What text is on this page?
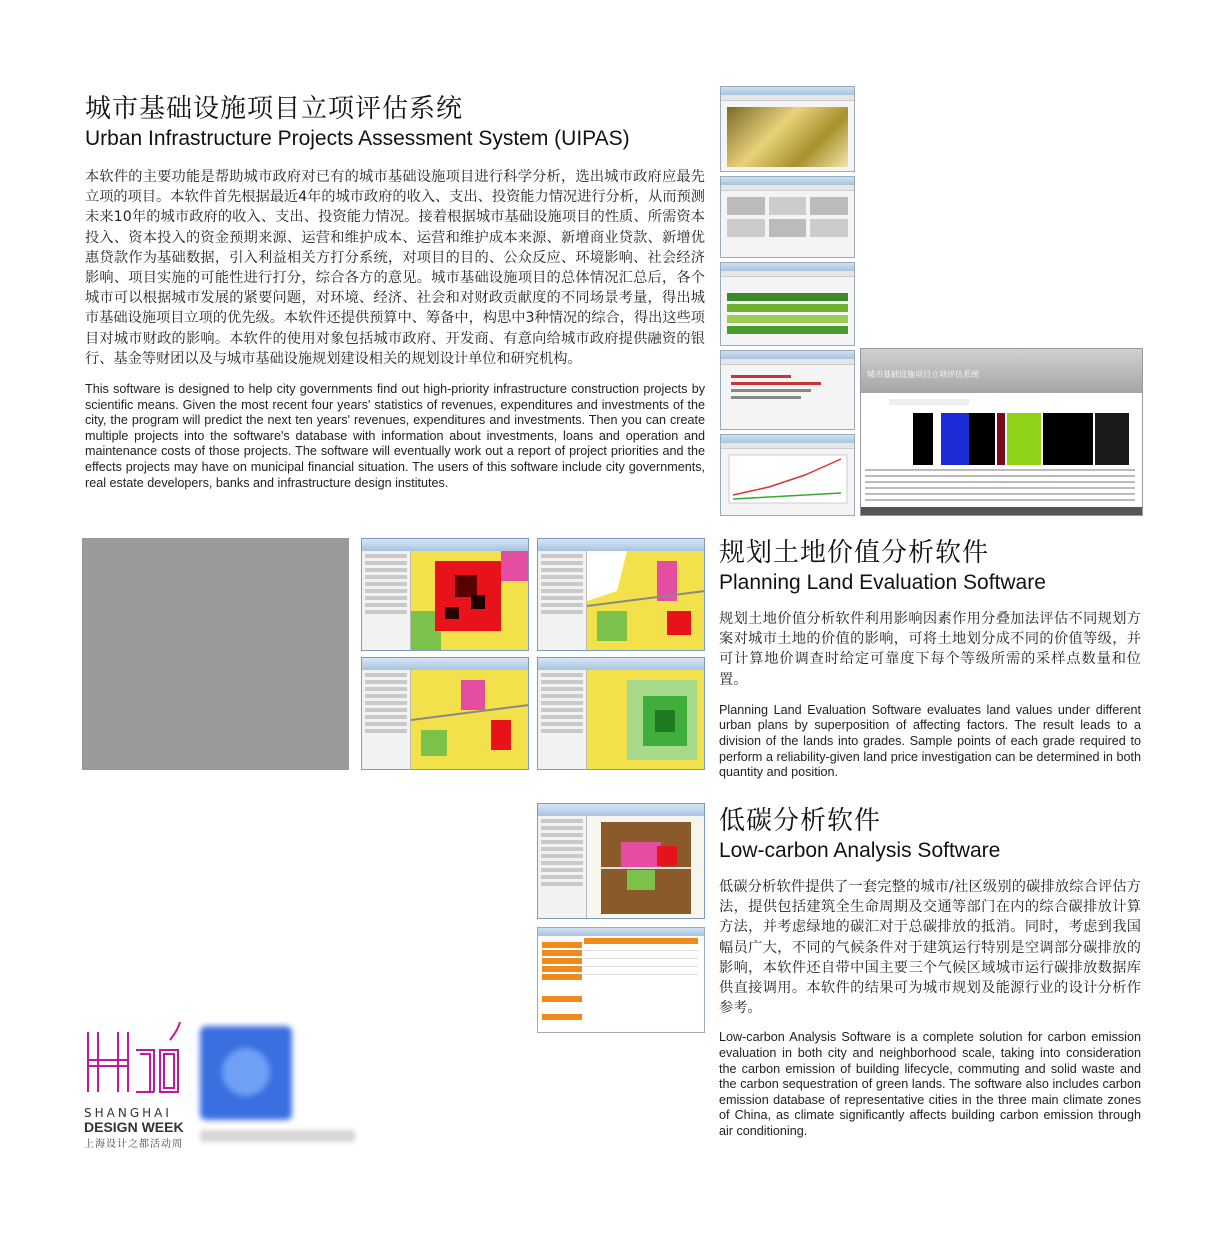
城市基础设施项目立项评估系统
Urban Infrastructure Projects Assessment System (UIPAS)

本软件的主要功能是帮助城市政府对已有的城市基础设施项目进行科学分析，选出城市政府应最先立项的项目。本软件首先根据最近4年的城市政府的收入、支出、投资能力情况进行分析，从而预测未来10年的城市政府的收入、支出、投资能力情况。接着根据城市基础设施项目的性质、所需资本投入、资本投入的资金预期来源、运营和维护成本、运营和维护成本来源、新增商业贷款、新增优惠贷款作为基础数据，引入利益相关方打分系统，对项目的目的、公众反应、环境影响、社会经济影响、项目实施的可能性进行打分，综合各方的意见。城市基础设施项目的总体情况汇总后，各个城市可以根据城市发展的紧要问题，对环境、经济、社会和对财政贡献度的不同场景考量，得出城市基础设施项目立项的优先级。本软件还提供预算中、筹备中，构思中3种情况的综合，得出这些项目对城市财政的影响。本软件的使用对象包括城市政府、开发商、有意向给城市政府提供融资的银行、基金等财团以及与城市基础设施规划建设相关的规划设计单位和研究机构。

This software is designed to help city governments find out high-priority infrastructure construction projects by scientific means. Given the most recent four years' statistics of revenues, expenditures and investments of the city, the program will predict the next ten years' revenues, expenditures and investments. Then you can create multiple projects into the software's database with information about investments, loans and operation and maintenance costs of those projects. The software will eventually work out a report of project priorities and the effects projects may have on municipal financial situation. The users of this software include city governments, real estate developers, banks and infrastructure design institutes.

城市基础设施项目立项评估系统
规划土地价值分析软件
Planning Land Evaluation Software

规划土地价值分析软件利用影响因素作用分叠加法评估不同规划方案对城市土地的价值的影响，可将土地划分成不同的价值等级，并可计算地价调查时给定可靠度下每个等级所需的采样点数量和位置。

Planning Land Evaluation Software evaluates land values under different urban plans by superposition of affecting factors. The result leads to a division of the lands into grades. Sample points of each grade required to perform a reliability-given land price investigation can be determined in both quantity and position.

低碳分析软件
Low-carbon Analysis Software

低碳分析软件提供了一套完整的城市/社区级别的碳排放综合评估方法，提供包括建筑全生命周期及交通等部门在内的综合碳排放计算方法，并考虑绿地的碳汇对于总碳排放的抵消。同时，考虑到我国幅员广大，不同的气候条件对于建筑运行特别是空调部分碳排放的影响，本软件还自带中国主要三个气候区域城市运行碳排放数据库供直接调用。本软件的结果可为城市规划及能源行业的设计分析作参考。

Low-carbon Analysis Software is a complete solution for carbon emission evaluation in both city and neighborhood scale, taking into consideration the carbon emission of building lifecycle, commuting and solid waste and the carbon sequestration of green lands. The software also includes carbon emission database of representative cities in the three main climate zones of China, as climate significantly affects building carbon emission through air conditioning.

SHANGHAI
DESIGN WEEK
上海设计之都活动周
